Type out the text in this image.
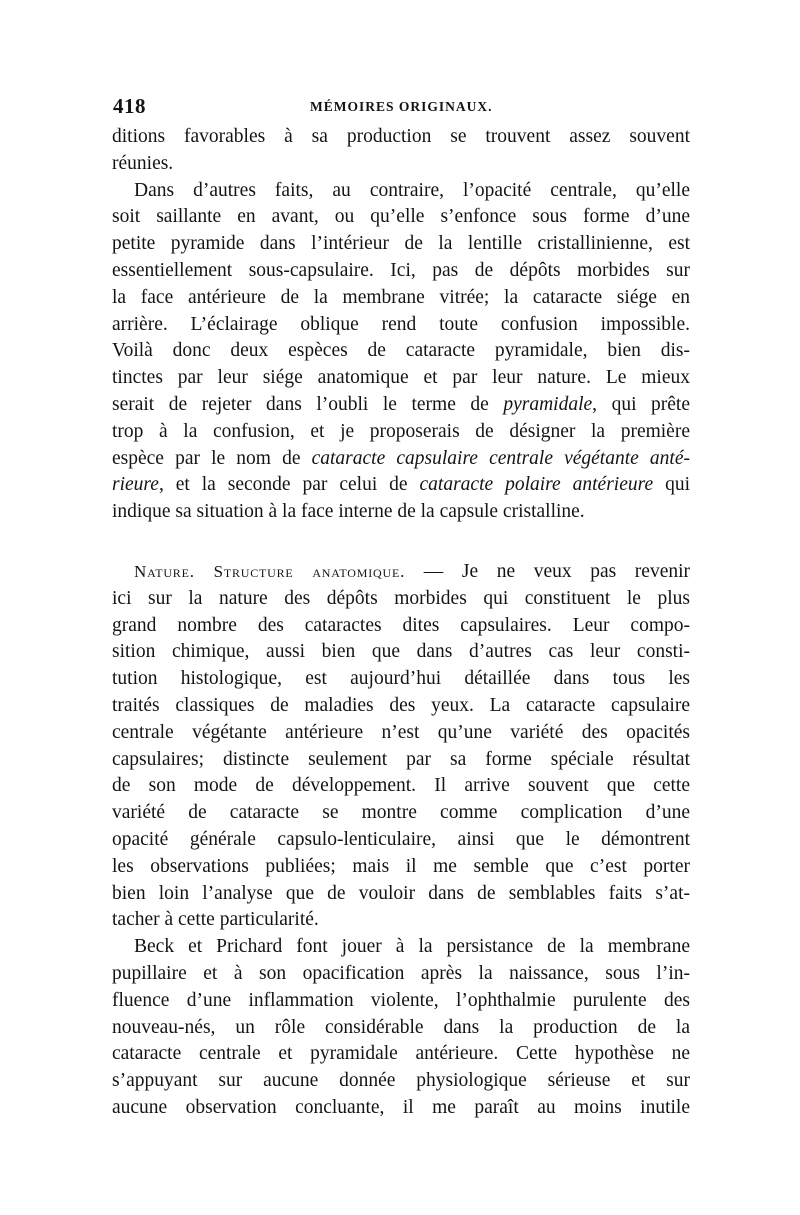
418	MÉMOIRES ORIGINAUX.
ditions favorables à sa production se trouvent assez souvent
réunies.
Dans d’autres faits, au contraire, l’opacité centrale, qu’elle
soit saillante en avant, ou qu’elle s’enfonce sous forme d’une
petite pyramide dans l’intérieur de la lentille cristallinienne, est
essentiellement sous-capsulaire. Ici, pas de dépôts morbides sur
la face antérieure de la membrane vitrée; la cataracte siége en
arrière. L’éclairage oblique rend toute confusion impossible.
Voilà donc deux espèces de cataracte pyramidale, bien dis-
tinctes par leur siége anatomique et par leur nature. Le mieux
serait de rejeter dans l’oubli le terme de pyramidale, qui prête
trop à la confusion, et je proposerais de désigner la première
espèce par le nom de cataracte capsulaire centrale végétante anté-
rieure, et la seconde par celui de cataracte polaire antérieure qui
indique sa situation à la face interne de la capsule cristalline.
Nature. Structure anatomique. — Je ne veux pas revenir
ici sur la nature des dépôts morbides qui constituent le plus
grand nombre des cataractes dites capsulaires. Leur compo-
sition chimique, aussi bien que dans d’autres cas leur consti-
tution histologique, est aujourd’hui détaillée dans tous les
traités classiques de maladies des yeux. La cataracte capsulaire
centrale végétante antérieure n’est qu’une variété des opacités
capsulaires; distincte seulement par sa forme spéciale résultat
de son mode de développement. Il arrive souvent que cette
variété de cataracte se montre comme complication d’une
opacité générale capsulo-lenticulaire, ainsi que le démontrent
les observations publiées; mais il me semble que c’est porter
bien loin l’analyse que de vouloir dans de semblables faits s’at-
tacher à cette particularité.
Beck et Prichard font jouer à la persistance de la membrane
pupillaire et à son opacification après la naissance, sous l’in-
fluence d’une inflammation violente, l’ophthalmie purulente des
nouveau-nés, un rôle considérable dans la production de la
cataracte centrale et pyramidale antérieure. Cette hypothèse ne
s’appuyant sur aucune donnée physiologique sérieuse et sur
aucune observation concluante, il me paraît au moins inutile
